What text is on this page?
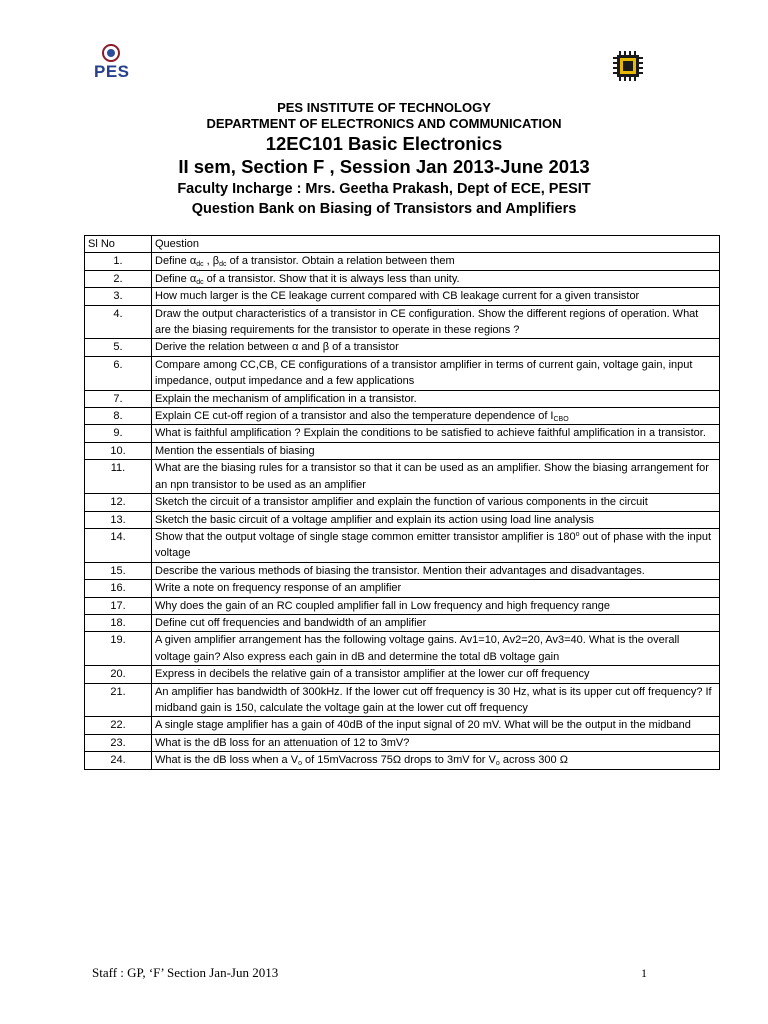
PES
PES INSTITUTE OF TECHNOLOGY
DEPARTMENT OF ELECTRONICS AND COMMUNICATION
12EC101 Basic Electronics
II sem, Section F , Session Jan 2013-June 2013
Faculty Incharge : Mrs. Geetha Prakash, Dept of ECE, PESIT
Question Bank on Biasing of Transistors and Amplifiers
Sl No	Question
1.	Define $\alpha_{dc}$ , $\beta_{dc}$ of a transistor. Obtain a relation between them
2.	Define $\alpha_{dc}$ of a transistor. Show that it is always less than unity.
3.	How much larger is the CE leakage current compared with CB leakage current for a given transistor
4.	Draw the output characteristics of a transistor in CE configuration. Show the different regions of operation. What are the biasing requirements for the transistor to operate in these regions ?
5.	Derive the relation between α and β of a transistor
6.	Compare among CC,CB, CE configurations of a transistor amplifier in terms of current gain, voltage gain, input impedance, output impedance and a few applications
7.	Explain the mechanism of amplification in a transistor.
8.	Explain CE cut-off region of a transistor and also the temperature dependence of $I_{CBO}$
9.	What is faithful amplification ? Explain the conditions to be satisfied to achieve faithful amplification in a transistor.
10.	Mention the essentials of biasing
11.	What are the biasing rules for a transistor so that it can be used as an amplifier. Show the biasing arrangement for an npn transistor to be used as an amplifier
12.	Sketch the circuit of a transistor amplifier and explain the function of various components in the circuit
13.	Sketch the basic circuit of a voltage amplifier and explain its action using load line analysis
14.	Show that the output voltage of single stage common emitter transistor amplifier is 180$^o$ out of phase with the input voltage
15.	Describe the various methods of biasing the transistor. Mention their advantages and disadvantages.
16.	Write a note on frequency response of an amplifier
17.	Why does the gain of an RC coupled amplifier fall in Low frequency and high frequency range
18.	Define cut off frequencies and bandwidth of an amplifier
19.	A given amplifier arrangement has the following voltage gains. Av1=10, Av2=20, Av3=40. What is the overall voltage gain? Also express each gain in dB and determine the total dB voltage gain
20.	Express in decibels the relative gain of a transistor amplifier at the lower cur off frequency
21.	An amplifier has bandwidth of 300kHz. If the lower cut off frequency is 30 Hz, what is its upper cut off frequency? If midband gain is 150, calculate the voltage gain at the lower cut off frequency
22.	A single stage amplifier has a gain of 40dB of the input signal of 20 mV. What will be the output in the midband
23.	What is the dB loss for an attenuation of 12 to 3mV?
24.	What is the dB loss when a $V_o$ of 15mVacross 75Ω drops to 3mV for $V_o$ across 300 Ω
Staff : GP, ‘F’ Section Jan-Jun 2013	1
